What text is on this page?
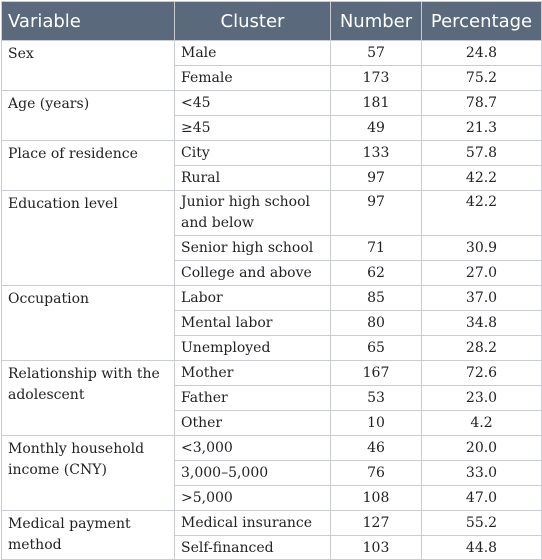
Variable	Cluster	Number	Percentage
Sex	Male	57	24.8
	Female	173	75.2
Age (years)	<45	181	78.7
	≥45	49	21.3
Place of residence	City	133	57.8
	Rural	97	42.2
Education level	Junior high school and below	97	42.2
	Senior high school	71	30.9
	College and above	62	27.0
Occupation	Labor	85	37.0
	Mental labor	80	34.8
	Unemployed	65	28.2
Relationship with the adolescent	Mother	167	72.6
	Father	53	23.0
	Other	10	4.2
Monthly household income (CNY)	<3,000	46	20.0
	3,000–5,000	76	33.0
	>5,000	108	47.0
Medical payment method	Medical insurance	127	55.2
	Self-financed	103	44.8
